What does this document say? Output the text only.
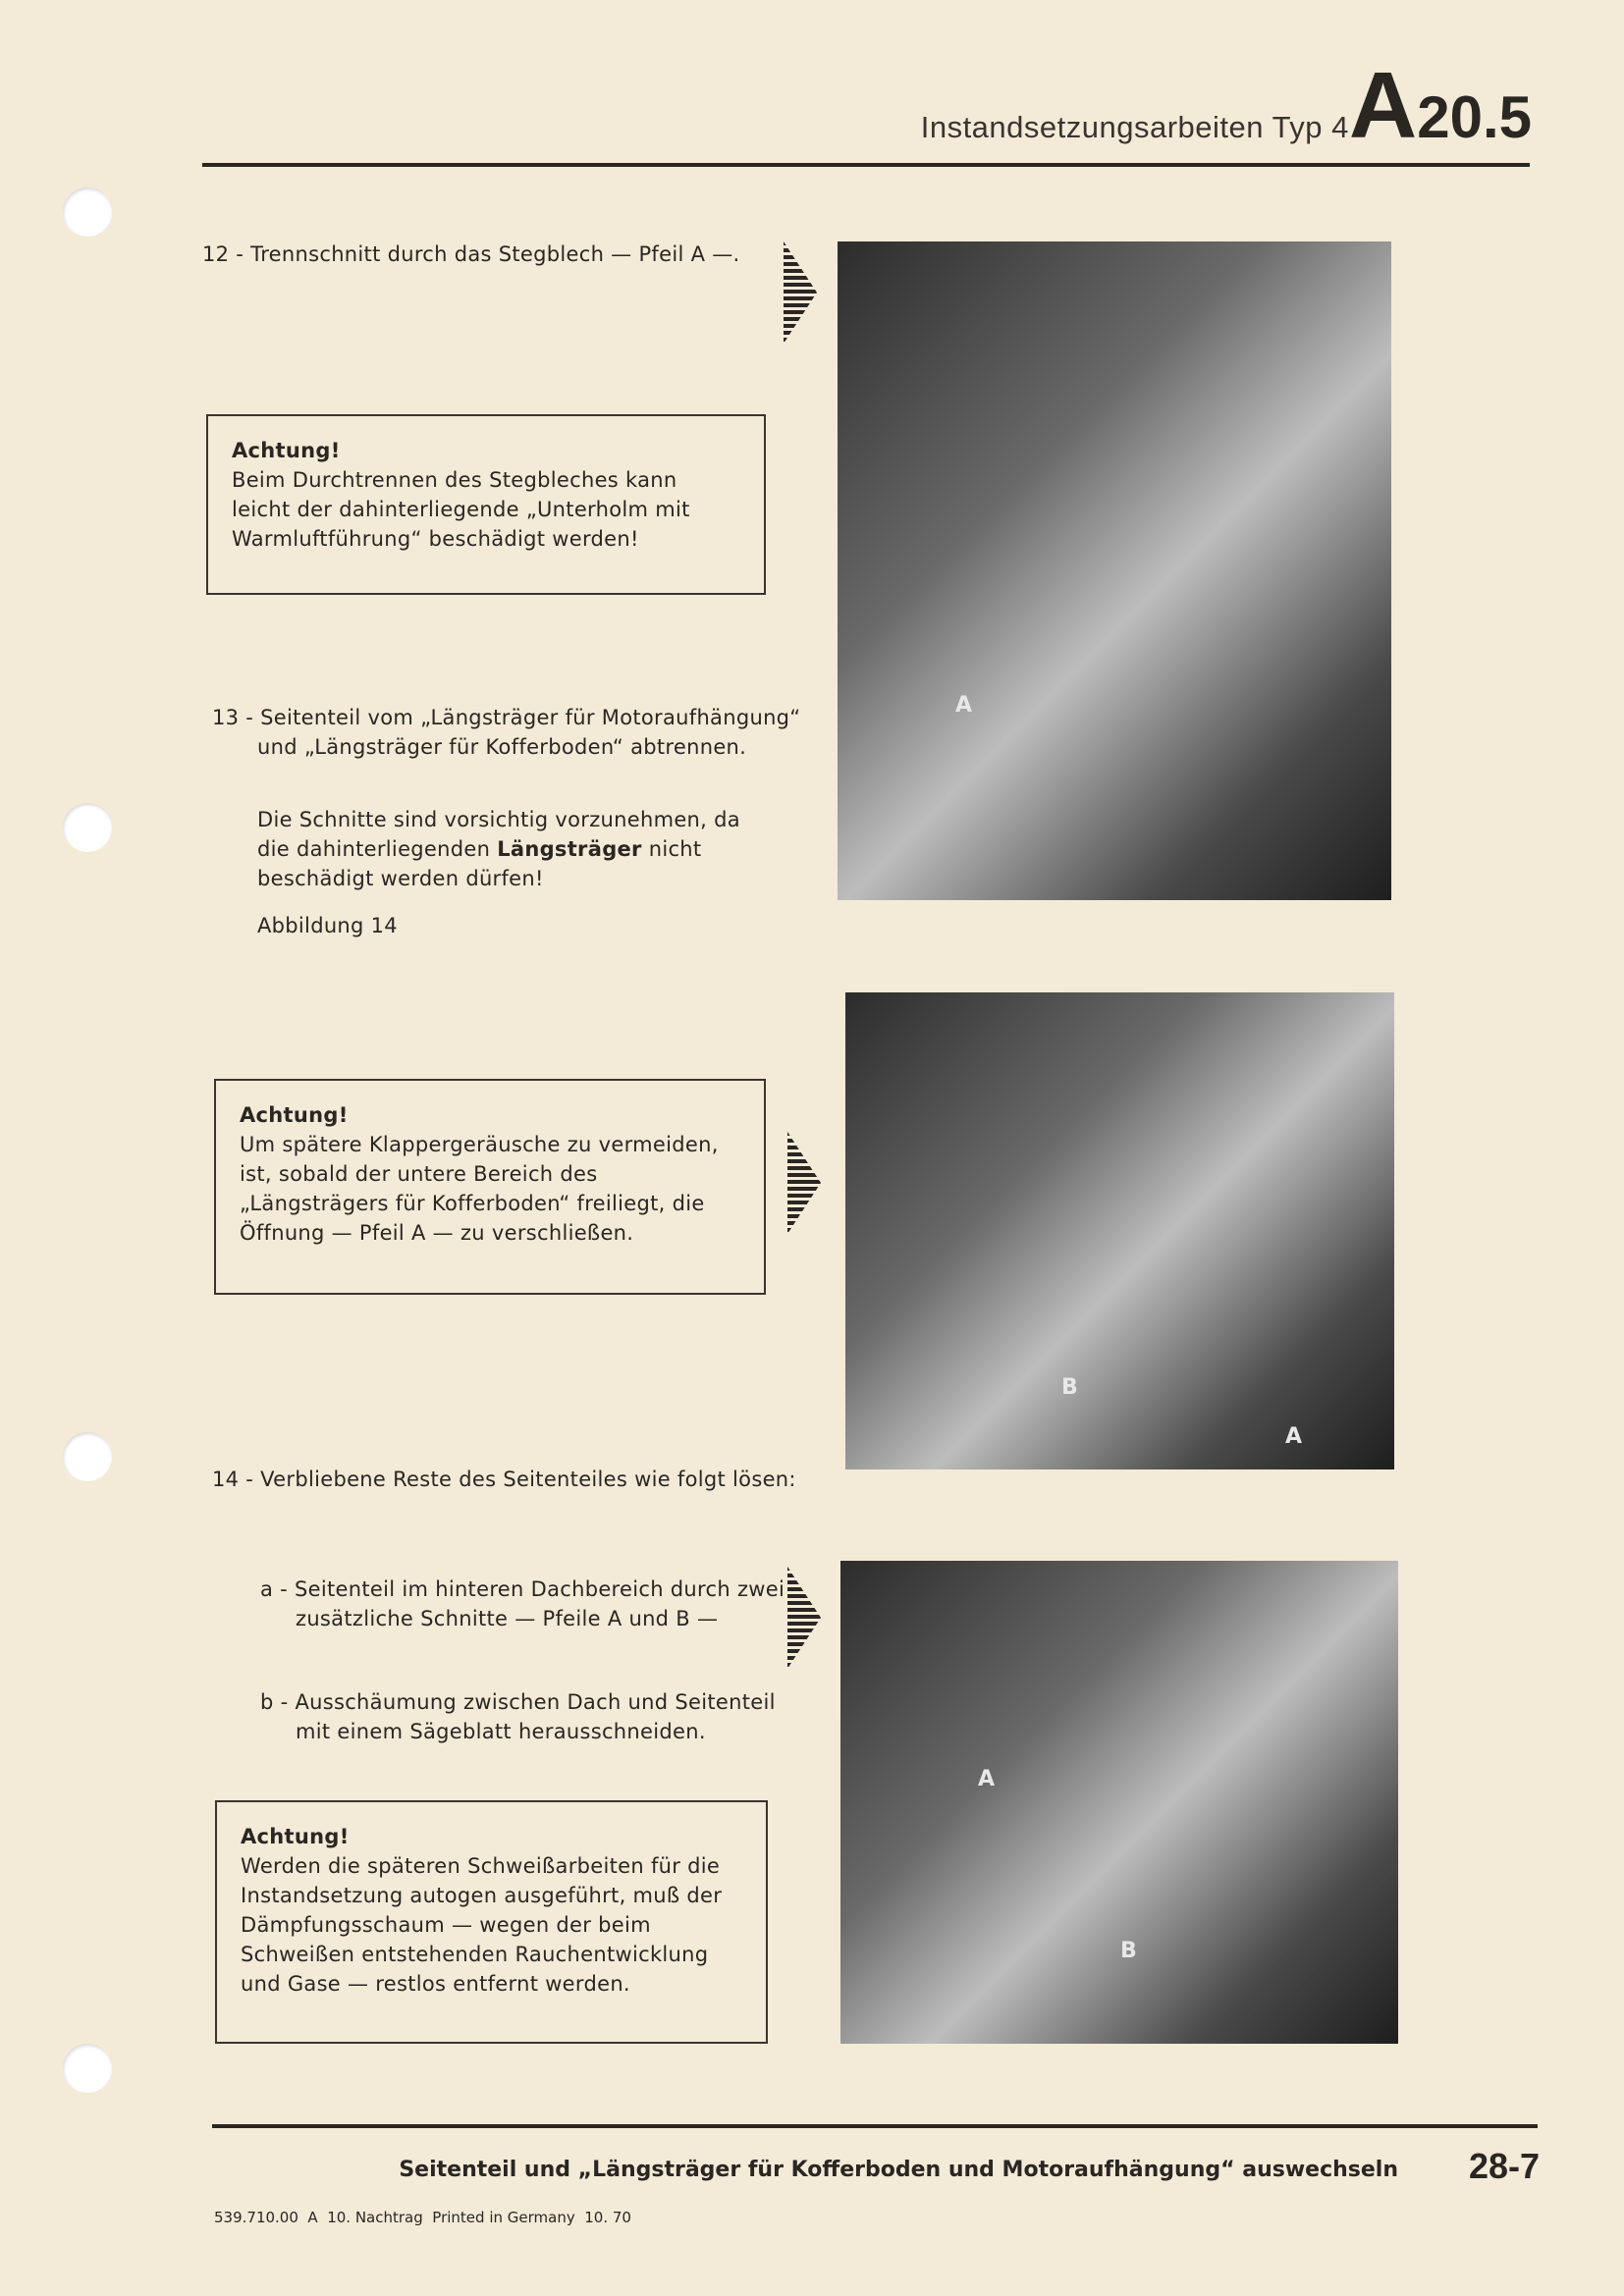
Instandsetzungsarbeiten Typ 4A20.5
12 - Trennschnitt durch das Stegblech — Pfeil A —.
A
Achtung!
Beim Durchtrennen des Stegbleches kann leicht der dahinterliegende „Unterholm mit Warmluftführung“ beschädigt werden!
13 - Seitenteil vom „Längsträger für Motoraufhängung“ und „Längsträger für Kofferboden“ abtrennen.
Die Schnitte sind vorsichtig vorzunehmen, da die dahinterliegenden Längsträger nicht beschädigt werden dürfen!
Abbildung 14
Achtung!
Um spätere Klappergeräusche zu vermeiden, ist, sobald der untere Bereich des „Längsträgers für Kofferboden“ freiliegt, die Öffnung — Pfeil A — zu verschließen.
B
A
14 - Verbliebene Reste des Seitenteiles wie folgt lösen:
a - Seitenteil im hinteren Dachbereich durch zwei zusätzliche Schnitte — Pfeile A und B —
b - Ausschäumung zwischen Dach und Seitenteil mit einem Sägeblatt herausschneiden.
A
B
Achtung!
Werden die späteren Schweißarbeiten für die Instandsetzung autogen ausgeführt, muß der Dämpfungsschaum — wegen der beim Schweißen entstehenden Rauchentwicklung und Gase — restlos entfernt werden.
Seitenteil und „Längsträger für Kofferboden und Motoraufhängung“ auswechseln 28-7
539.710.00  A  10. Nachtrag  Printed in Germany  10. 70
